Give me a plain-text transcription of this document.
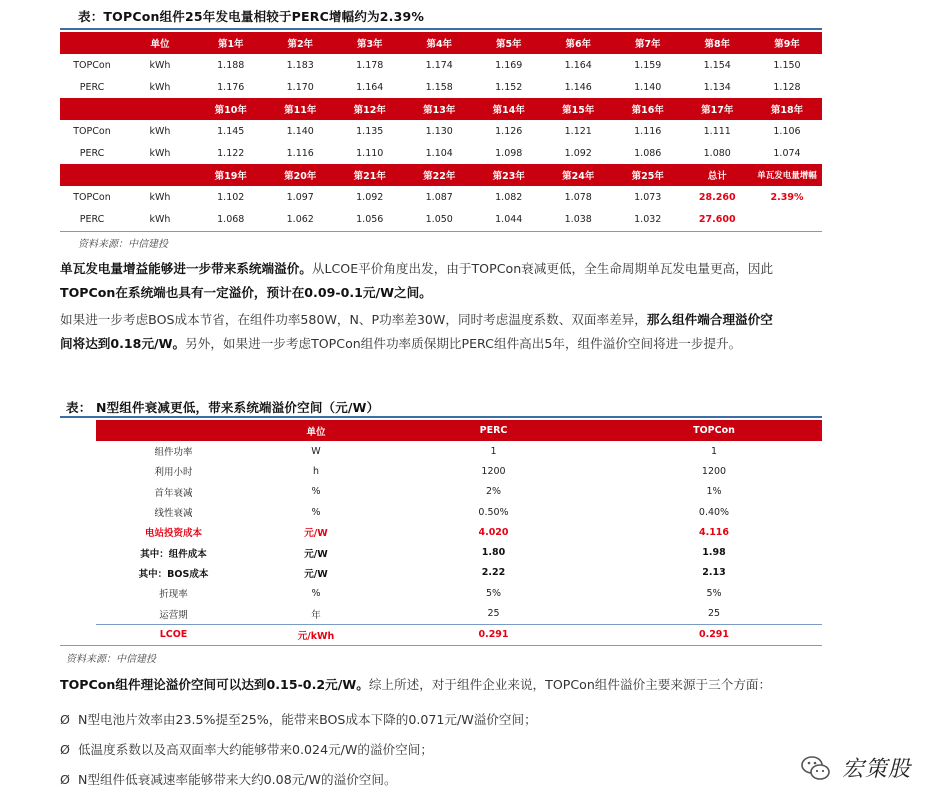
表：TOPCon组件25年发电量相较于PERC增幅约为2.39%
	单位	第1年	第2年	第3年	第4年	第5年	第6年	第7年	第8年	第9年
TOPCon	kWh	1.188	1.183	1.178	1.174	1.169	1.164	1.159	1.154	1.150
PERC	kWh	1.176	1.170	1.164	1.158	1.152	1.146	1.140	1.134	1.128
		第10年	第11年	第12年	第13年	第14年	第15年	第16年	第17年	第18年
TOPCon	kWh	1.145	1.140	1.135	1.130	1.126	1.121	1.116	1.111	1.106
PERC	kWh	1.122	1.116	1.110	1.104	1.098	1.092	1.086	1.080	1.074
		第19年	第20年	第21年	第22年	第23年	第24年	第25年	总计	单瓦发电量增幅
TOPCon	kWh	1.102	1.097	1.092	1.087	1.082	1.078	1.073	28.260	2.39%
PERC	kWh	1.068	1.062	1.056	1.050	1.044	1.038	1.032	27.600	
资料来源：中信建投
单瓦发电量增益能够进一步带来系统端溢价。从LCOE平价角度出发，由于TOPCon衰减更低，全生命周期单瓦发电量更高，因此
TOPCon在系统端也具有一定溢价，预计在0.09-0.1元/W之间。
如果进一步考虑BOS成本节省，在组件功率580W，N、P功率差30W，同时考虑温度系数、双面率差异，那么组件端合理溢价空
间将达到0.18元/W。另外，如果进一步考虑TOPCon组件功率质保期比PERC组件高出5年，组件溢价空间将进一步提升。
表： N型组件衰减更低，带来系统端溢价空间（元/W）
	单位	PERC	TOPCon
组件功率	W	1	1
利用小时	h	1200	1200
首年衰减	%	2%	1%
线性衰减	%	0.50%	0.40%
电站投资成本	元/W	4.020	4.116
其中：组件成本	元/W	1.80	1.98
其中：BOS成本	元/W	2.22	2.13
折现率	%	5%	5%
运营期	年	25	25
LCOE	元/kWh	0.291	0.291
资料来源：中信建投
TOPCon组件理论溢价空间可以达到0.15-0.2元/W。综上所述，对于组件企业来说，TOPCon组件溢价主要来源于三个方面：
Ø N型电池片效率由23.5%提至25%，能带来BOS成本下降的0.071元/W溢价空间；
Ø 低温度系数以及高双面率大约能够带来0.024元/W的溢价空间；
Ø N型组件低衰减速率能够带来大约0.08元/W的溢价空间。	宏策股
